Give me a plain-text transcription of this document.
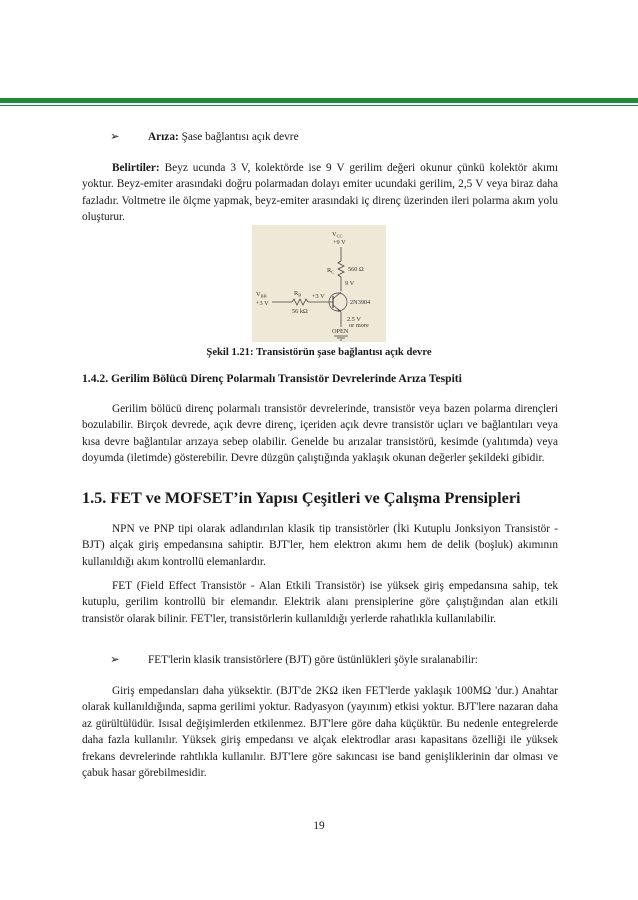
➢	Arıza: Şase bağlantısı açık devre

Belirtiler: Beyz ucunda 3 V, kolektörde ise 9 V gerilim değeri okunur çünkü kolektör akımı yoktur. Beyz-emiter arasındaki doğru polarmadan dolayı emiter ucundaki gerilim, 2,5 V veya biraz daha fazladır. Voltmetre ile ölçme yapmak, beyz-emiter arasındaki iç direnç üzerinden ileri polarma akım yolu oluşturur.

$V_{CC}$
+9 V
$R_C$ 560 Ω
9 V
2N3904
$V_{BB}$
+3 V
$R_B$
56 kΩ
+3 V
2.5 V
or more
OPEN
Şekil 1.21: Transistörün şase bağlantısı açık devre
1.4.2. Gerilim Bölücü Direnç Polarmalı Transistör Devrelerinde Arıza Tespiti

Gerilim bölücü direnç polarmalı transistör devrelerinde, transistör veya bazen polarma dirençleri bozulabilir. Birçok devrede, açık devre direnç, içeriden açık devre transistör uçları ve bağlantıları veya kısa devre bağlantılar arızaya sebep olabilir. Genelde bu arızalar transistörü, kesimde (yalıtımda) veya doyumda (iletimde) gösterebilir. Devre düzgün çalıştığında yaklaşık okunan değerler şekildeki gibidir.

1.5. FET ve MOFSET’in Yapısı Çeşitleri ve Çalışma Prensipleri

NPN ve PNP tipi olarak adlandırılan klasik tip transistörler (İki Kutuplu Jonksiyon Transistör - BJT) alçak giriş empedansına sahiptir. BJT'ler, hem elektron akımı hem de delik (boşluk) akımının kullanıldığı akım kontrollü elemanlardır.

FET (Field Effect Transistör - Alan Etkili Transistör) ise yüksek giriş empedansına sahip, tek kutuplu, gerilim kontrollü bir elemandır. Elektrik alanı prensiplerine göre çalıştığından alan etkili transistör olarak bilinir. FET'ler, transistörlerin kullanıldığı yerlerde rahatlıkla kullanılabilir.

➢	FET'lerin klasik transistörlere (BJT) göre üstünlükleri şöyle sıralanabilir:

Giriş empedansları daha yüksektir. (BJT'de 2KΩ iken FET'lerde yaklaşık 100MΩ 'dur.) Anahtar olarak kullanıldığında, sapma gerilimi yoktur. Radyasyon (yayınım) etkisi yoktur. BJT'lere nazaran daha az gürültülüdür. Isısal değişimlerden etkilenmez. BJT'lere göre daha küçüktür. Bu nedenle entegrelerde daha fazla kullanılır. Yüksek giriş empedansı ve alçak elektrodlar arası kapasitans özelliği ile yüksek frekans devrelerinde rahtlıkla kullanılır. BJT'lere göre sakıncası ise band genişliklerinin dar olması ve çabuk hasar görebilmesidir.

19
